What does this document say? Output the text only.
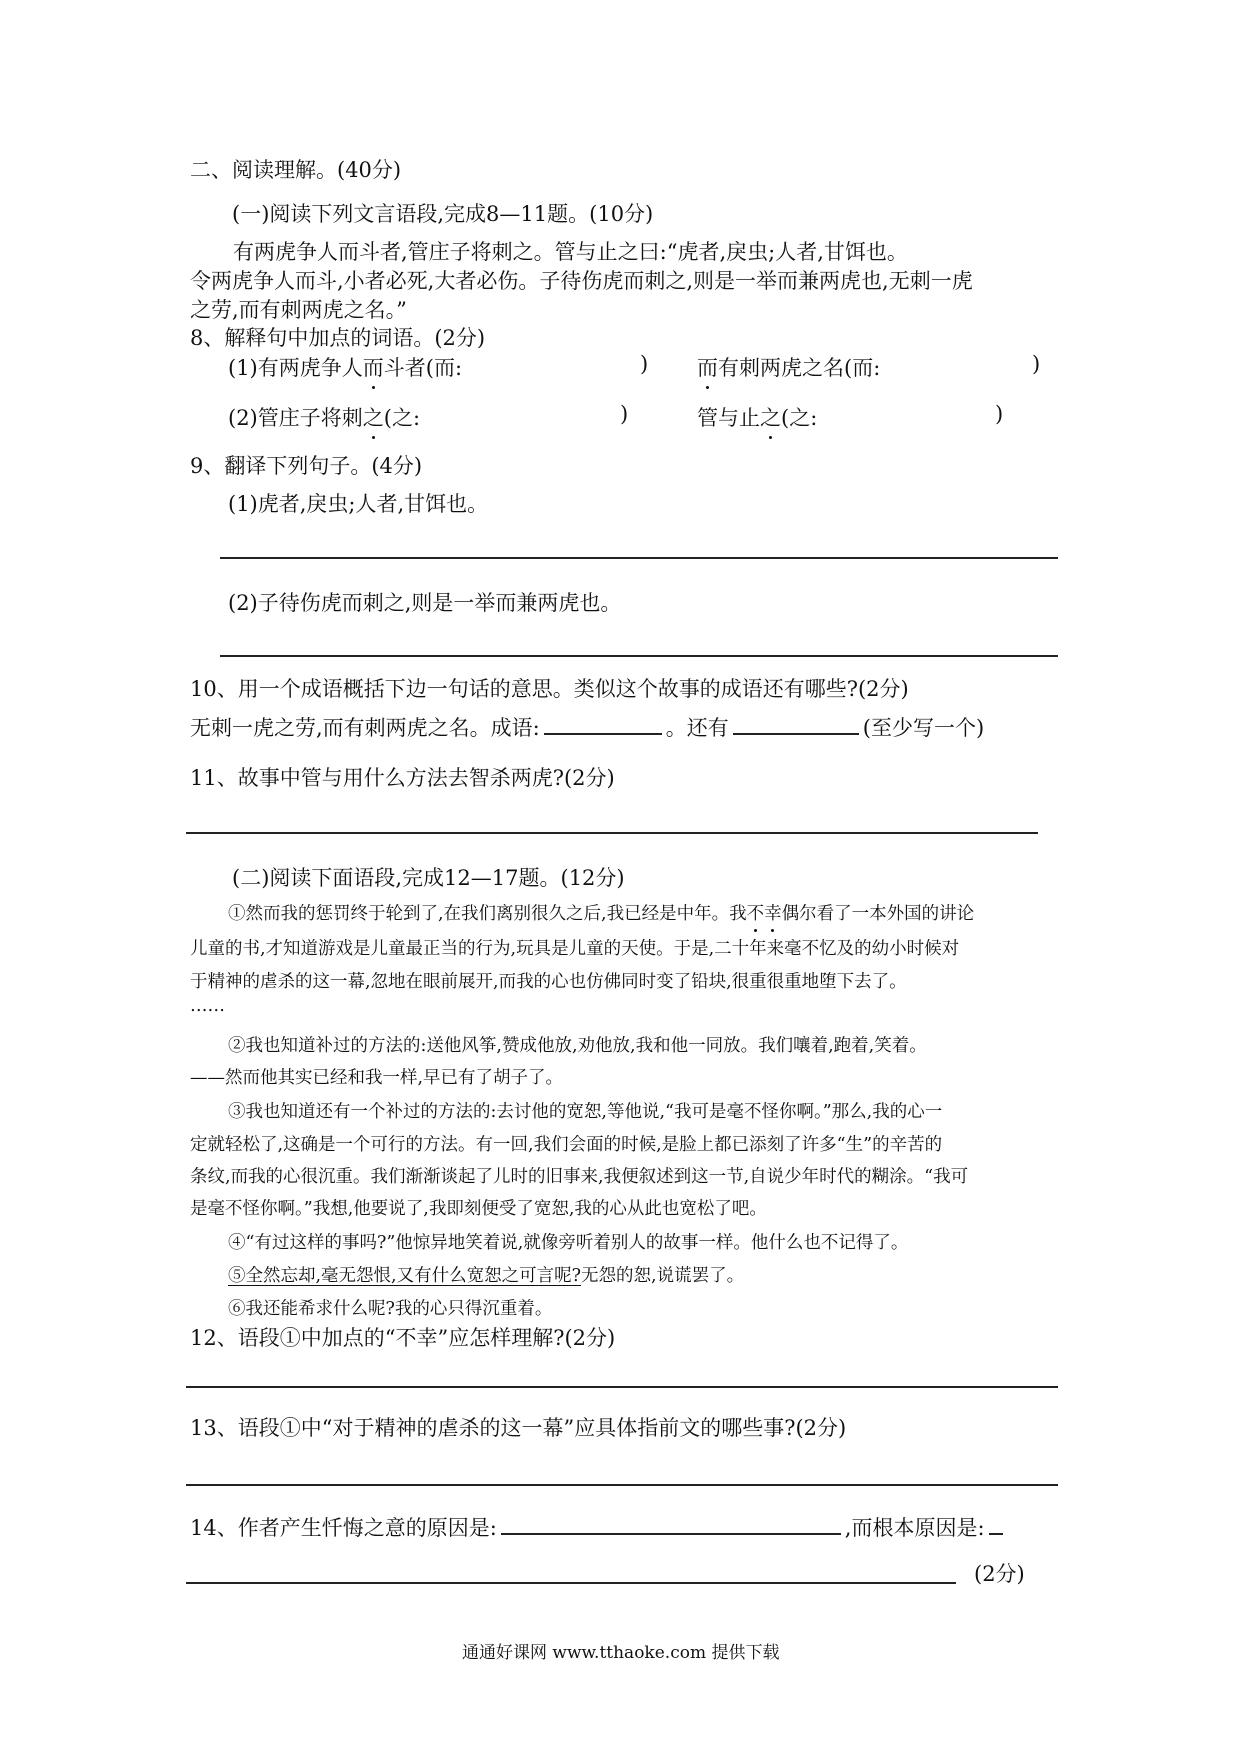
二、阅读理解。(40分)
(一)阅读下列文言语段,完成8—11题。(10分)
有两虎争人而斗者,管庄子将刺之。管与止之曰:“虎者,戾虫;人者,甘饵也。
令两虎争人而斗,小者必死,大者必伤。子待伤虎而刺之,则是一举而兼两虎也,无刺一虎
之劳,而有刺两虎之名。”
8、解释句中加点的词语。(2分)
(1)有两虎争人而斗者(而:	) 而有刺两虎之名(而:	)
(2)管庄子将刺之(之:	)	管与止之(之:	)
9、翻译下列句子。(4分)
(1)虎者,戾虫;人者,甘饵也。
(2)子待伤虎而刺之,则是一举而兼两虎也。
10、用一个成语概括下边一句话的意思。类似这个故事的成语还有哪些?(2分)
无刺一虎之劳,而有刺两虎之名。成语:	。还有	(至少写一个)
11、故事中管与用什么方法去智杀两虎?(2分)
(二)阅读下面语段,完成12—17题。(12分)
①然而我的惩罚终于轮到了,在我们离别很久之后,我已经是中年。我不幸偶尔看了一本外国的讲论
儿童的书,才知道游戏是儿童最正当的行为,玩具是儿童的天使。于是,二十年来毫不忆及的幼小时候对
于精神的虐杀的这一幕,忽地在眼前展开,而我的心也仿佛同时变了铅块,很重很重地堕下去了。
……
②我也知道补过的方法的:送他风筝,赞成他放,劝他放,我和他一同放。我们嚷着,跑着,笑着。
——然而他其实已经和我一样,早已有了胡子了。
③我也知道还有一个补过的方法的:去讨他的宽恕,等他说,“我可是毫不怪你啊。”那么,我的心一
定就轻松了,这确是一个可行的方法。有一回,我们会面的时候,是脸上都已添刻了许多“生”的辛苦的
条纹,而我的心很沉重。我们渐渐谈起了儿时的旧事来,我便叙述到这一节,自说少年时代的糊涂。“我可
是毫不怪你啊。”我想,他要说了,我即刻便受了宽恕,我的心从此也宽松了吧。
④“有过这样的事吗?”他惊异地笑着说,就像旁听着别人的故事一样。他什么也不记得了。
⑤全然忘却,毫无怨恨,又有什么宽恕之可言呢?无怨的恕,说谎罢了。
⑥我还能希求什么呢?我的心只得沉重着。
12、语段①中加点的“不幸”应怎样理解?(2分)
13、语段①中“对于精神的虐杀的这一幕”应具体指前文的哪些事?(2分)
14、作者产生忏悔之意的原因是:	,而根本原因是:
(2分)
通通好课网 www.tthaoke.com 提供下载
